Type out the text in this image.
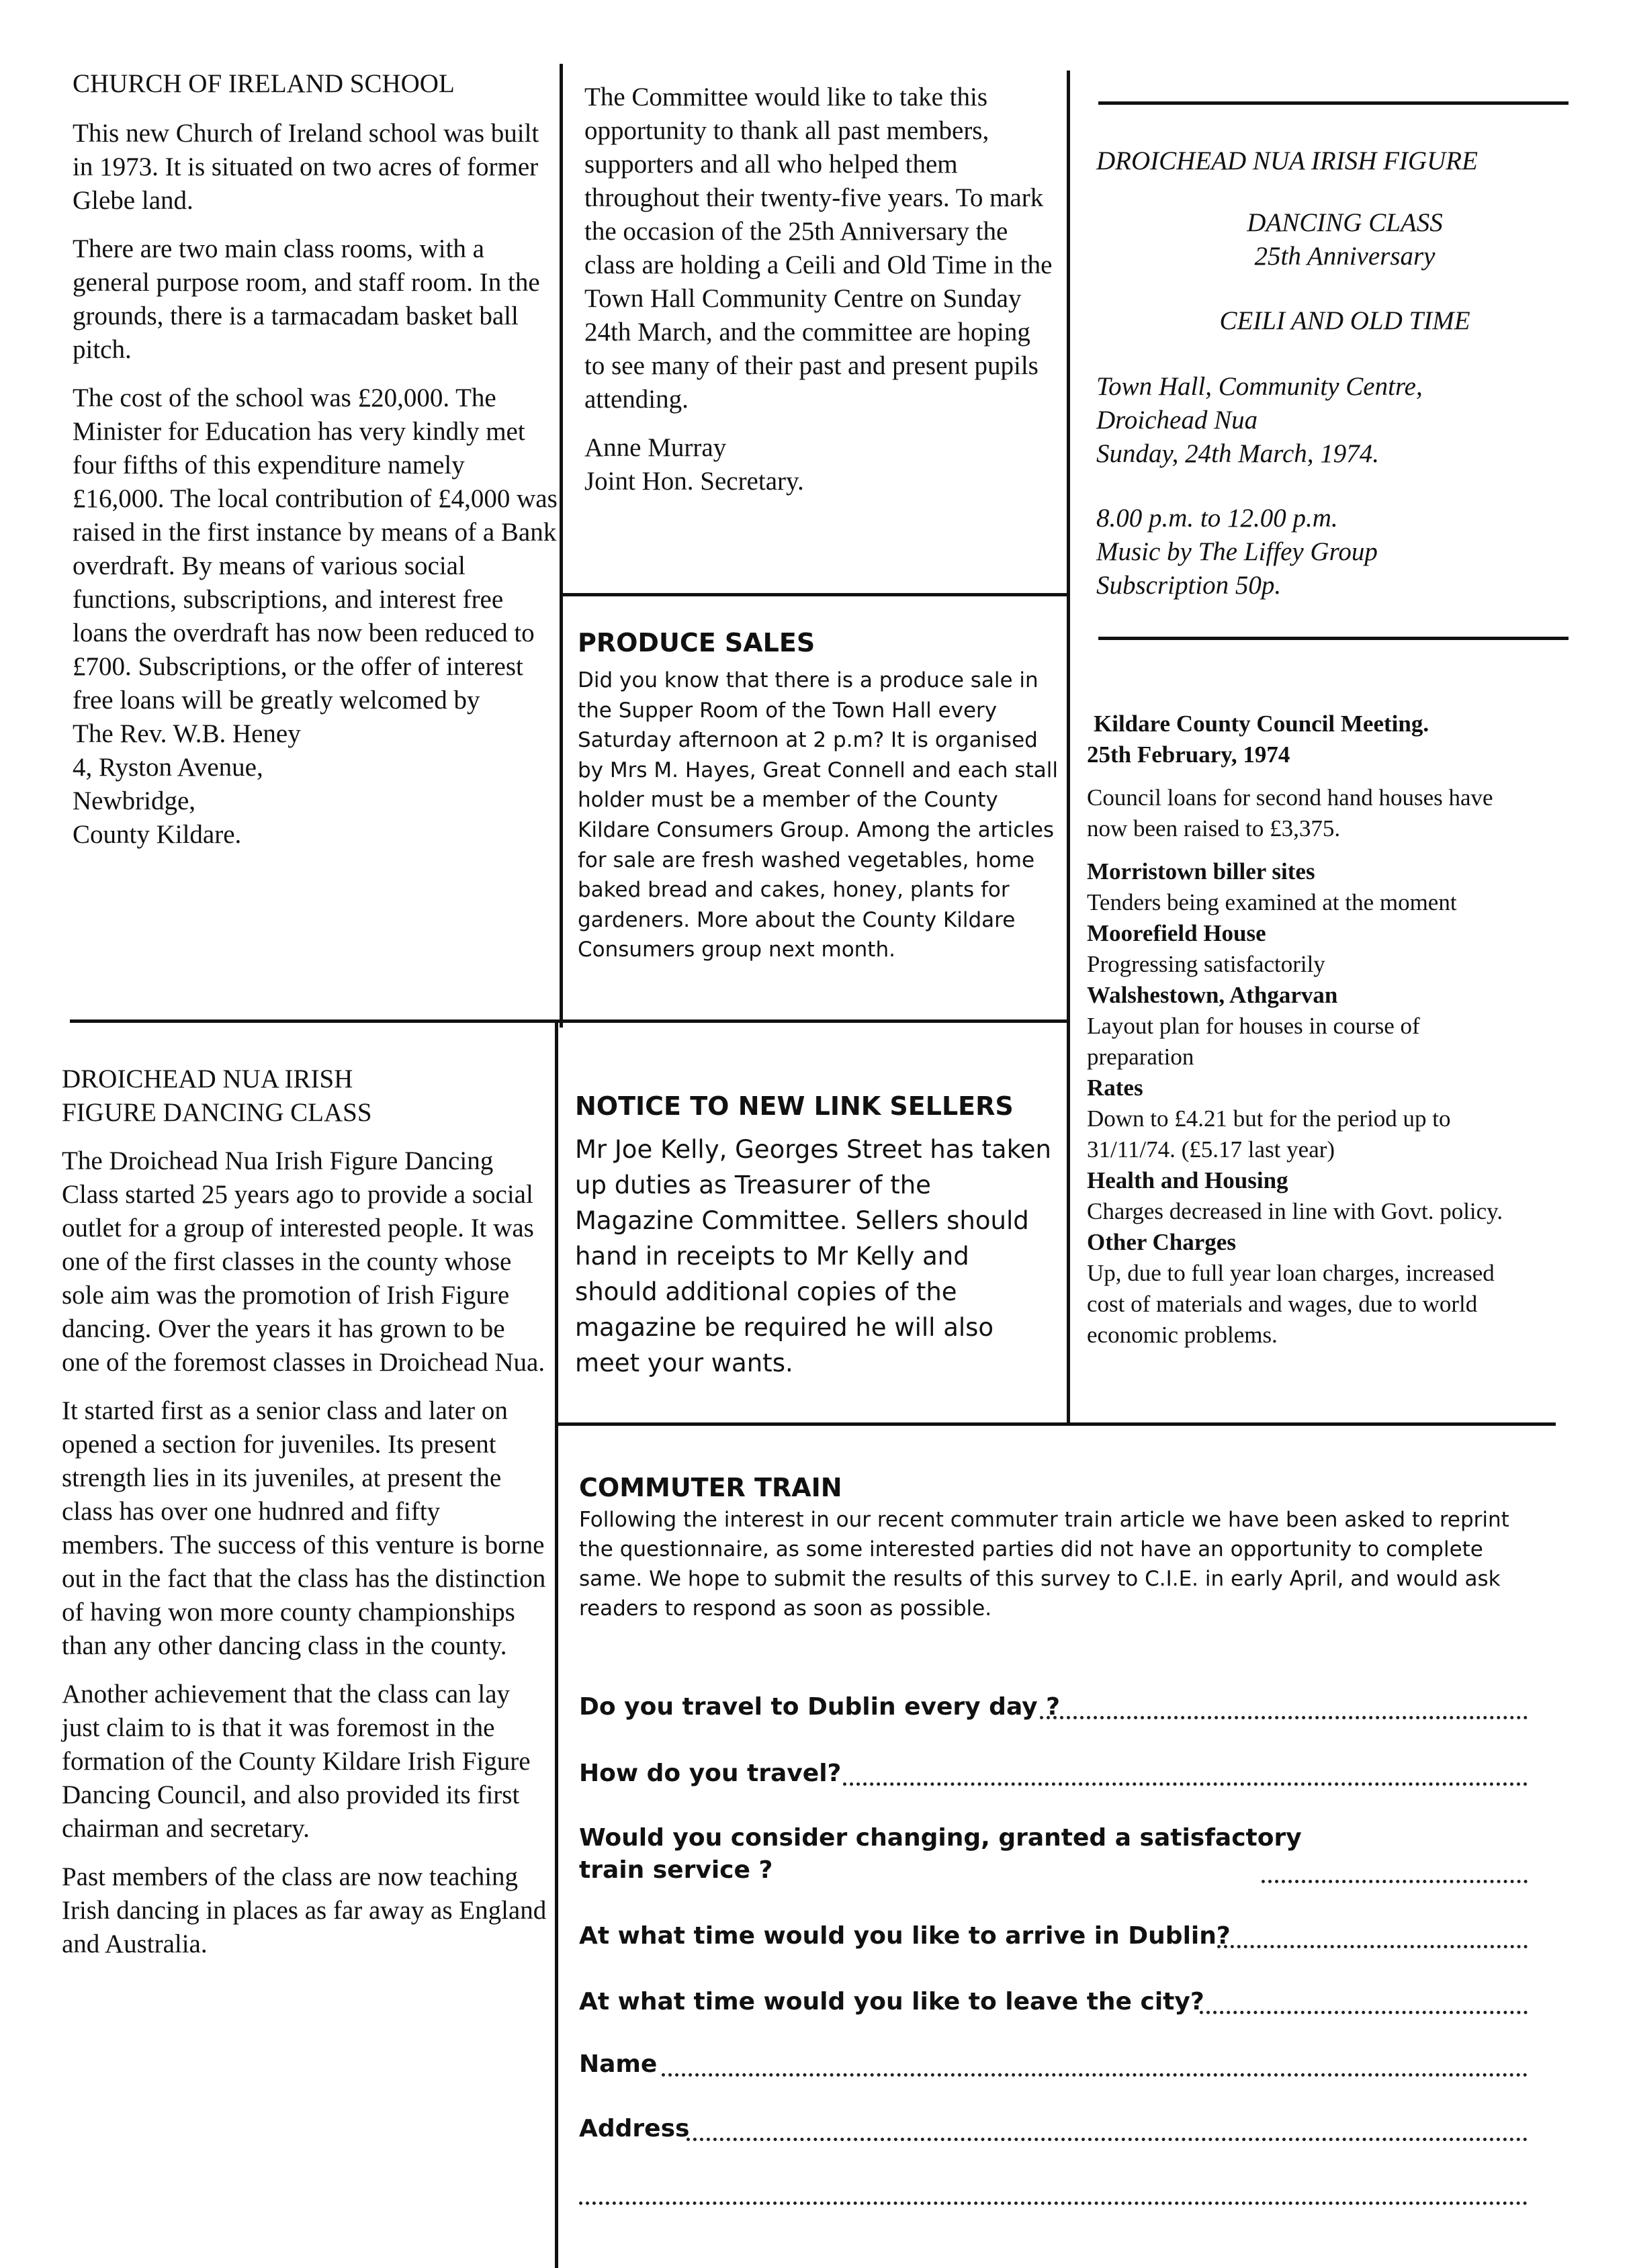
CHURCH OF IRELAND SCHOOL

This new Church of Ireland school was built in 1973. It is situated on two acres of former Glebe land.

There are two main class rooms, with a general purpose room, and staff room. In the grounds, there is a tarmacadam basket ball pitch.

The cost of the school was £20,000. The Minister for Education has very kindly met four fifths of this expenditure namely £16,000. The local contribution of £4,000 was raised in the first instance by means of a Bank overdraft. By means of various social functions, subscriptions, and interest free loans the overdraft has now been reduced to £700. Subscriptions, or the offer of interest free loans will be greatly welcomed by

The Rev. W.B. Heney
4, Ryston Avenue,
Newbridge,
County Kildare.

The Committee would like to take this opportunity to thank all past members, supporters and all who helped them throughout their twenty-five years. To mark the occasion of the 25th Anniversary the class are holding a Ceili and Old Time in the Town Hall Community Centre on Sunday 24th March, and the committee are hoping to see many of their past and present pupils attending.

Anne Murray
Joint Hon. Secretary.
DROICHEAD NUA IRISH FIGURE
DANCING CLASS
25th Anniversary
CEILI AND OLD TIME
Town Hall, Community Centre,
Droichead Nua
Sunday, 24th March, 1974.
8.00 p.m. to 12.00 p.m.
Music by The Liffey Group
Subscription 50p.
PRODUCE SALES

Did you know that there is a produce sale in the Supper Room of the Town Hall every Saturday afternoon at 2 p.m? It is organised by Mrs M. Hayes, Great Connell and each stall holder must be a member of the County Kildare Consumers Group. Among the articles for sale are fresh washed vegetables, home baked bread and cakes, honey, plants for gardeners. More about the County Kildare Consumers group next month.

Kildare County Council Meeting.
25th February, 1974

Council loans for second hand houses have now been raised to £3,375.

Morristown biller sites
Tenders being examined at the moment
Moorefield House
Progressing satisfactorily
Walshestown, Athgarvan
Layout plan for houses in course of preparation
Rates
Down to £4.21 but for the period up to 31/11/74. (£5.17 last year)
Health and Housing
Charges decreased in line with Govt. policy.
Other Charges
Up, due to full year loan charges, increased cost of materials and wages, due to world economic problems.
DROICHEAD NUA IRISH
FIGURE DANCING CLASS

The Droichead Nua Irish Figure Dancing Class started 25 years ago to provide a social outlet for a group of interested people. It was one of the first classes in the county whose sole aim was the promotion of Irish Figure dancing. Over the years it has grown to be one of the foremost classes in Droichead Nua.

It started first as a senior class and later on opened a section for juveniles. Its present strength lies in its juveniles, at present the class has over one hudnred and fifty members. The success of this venture is borne out in the fact that the class has the distinction of having won more county championships than any other dancing class in the county.

Another achievement that the class can lay just claim to is that it was foremost in the formation of the County Kildare Irish Figure Dancing Council, and also provided its first chairman and secretary.

Past members of the class are now teaching Irish dancing in places as far away as England and Australia.

NOTICE TO NEW LINK SELLERS

Mr Joe Kelly, Georges Street has taken up duties as Treasurer of the Magazine Committee. Sellers should hand in receipts to Mr Kelly and should additional copies of the magazine be required he will also meet your wants.

COMMUTER TRAIN

Following the interest in our recent commuter train article we have been asked to reprint the questionnaire, as some interested parties did not have an opportunity to complete same. We hope to submit the results of this survey to C.I.E. in early April, and would ask readers to respond as soon as possible.

Do you travel to Dublin every day ?
How do you travel?
Would you consider changing, granted a satisfactory
train service ?
At what time would you like to arrive in Dublin?
At what time would you like to leave the city?
Name
Address
